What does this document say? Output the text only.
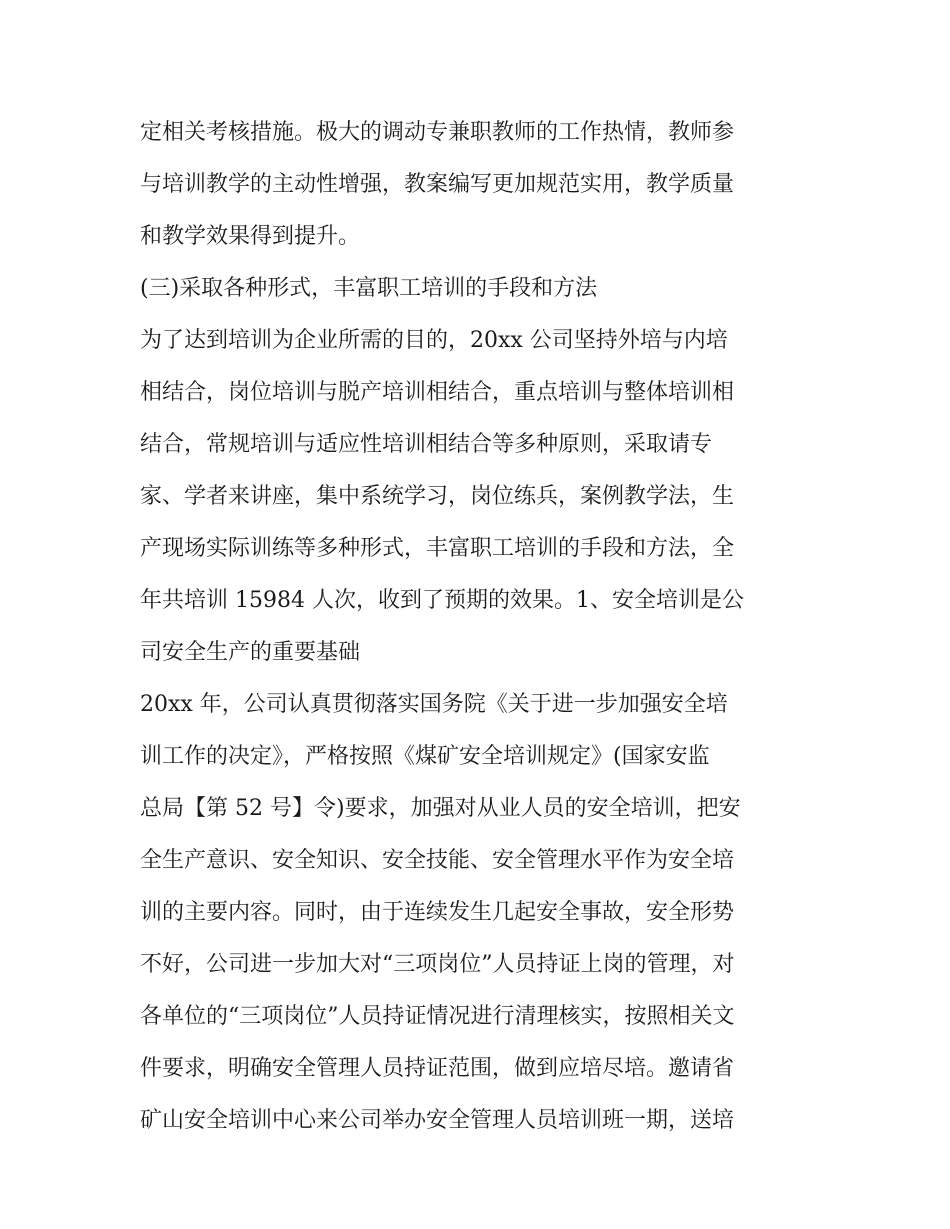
定相关考核措施。极大的调动专兼职教师的工作热情，教师参
与培训教学的主动性增强，教案编写更加规范实用，教学质量
和教学效果得到提升。
(三)采取各种形式，丰富职工培训的手段和方法
为了达到培训为企业所需的目的，20xx 公司坚持外培与内培
相结合，岗位培训与脱产培训相结合，重点培训与整体培训相
结合，常规培训与适应性培训相结合等多种原则，采取请专
家、学者来讲座，集中系统学习，岗位练兵，案例教学法，生
产现场实际训练等多种形式，丰富职工培训的手段和方法，全
年共培训 15984 人次，收到了预期的效果。1、安全培训是公
司安全生产的重要基础
20xx 年，公司认真贯彻落实国务院《关于进一步加强安全培
训工作的决定》，严格按照《煤矿安全培训规定》(国家安监
总局【第 52 号】令)要求，加强对从业人员的安全培训，把安
全生产意识、安全知识、安全技能、安全管理水平作为安全培
训的主要内容。同时，由于连续发生几起安全事故，安全形势
不好，公司进一步加大对“三项岗位”人员持证上岗的管理，对
各单位的“三项岗位”人员持证情况进行清理核实，按照相关文
件要求，明确安全管理人员持证范围，做到应培尽培。邀请省
矿山安全培训中心来公司举办安全管理人员培训班一期，送培
